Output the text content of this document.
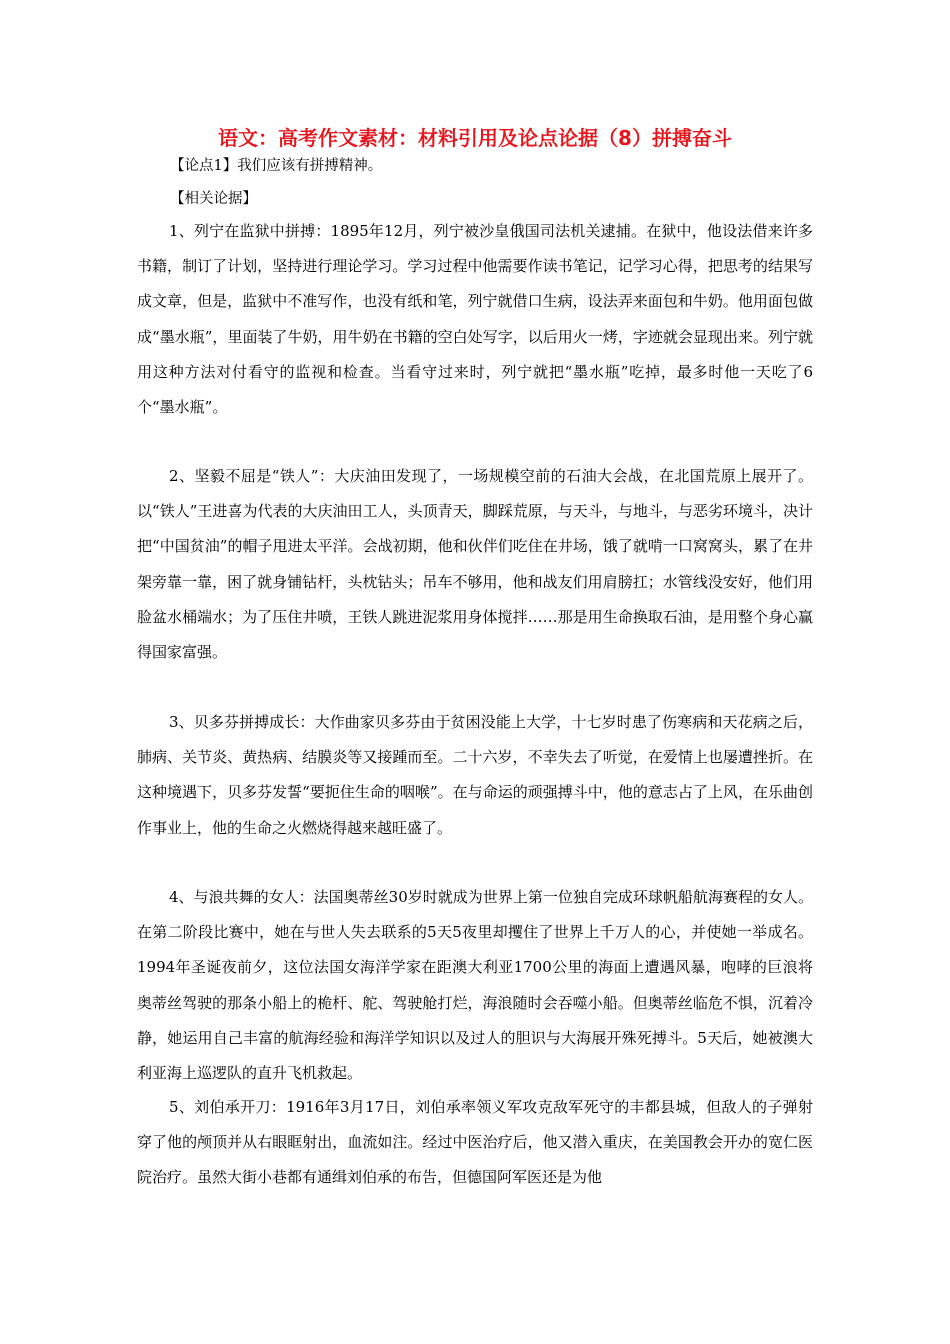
语文：高考作文素材：材料引用及论点论据（8）拼搏奋斗
【论点1】我们应该有拼搏精神。
【相关论据】

1、列宁在监狱中拼搏：1895年12月，列宁被沙皇俄国司法机关逮捕。在狱中，他设法借来许多书籍，制订了计划，坚持进行理论学习。学习过程中他需要作读书笔记，记学习心得，把思考的结果写成文章，但是，监狱中不准写作，也没有纸和笔，列宁就借口生病，设法弄来面包和牛奶。他用面包做成“墨水瓶”，里面装了牛奶，用牛奶在书籍的空白处写字，以后用火一烤，字迹就会显现出来。列宁就用这种方法对付看守的监视和检查。当看守过来时，列宁就把“墨水瓶”吃掉，最多时他一天吃了6个“墨水瓶”。

2、坚毅不屈是“铁人”：大庆油田发现了，一场规模空前的石油大会战，在北国荒原上展开了。以“铁人”王进喜为代表的大庆油田工人，头顶青天，脚踩荒原，与天斗，与地斗，与恶劣环境斗，决计把“中国贫油”的帽子甩进太平洋。会战初期，他和伙伴们吃住在井场，饿了就啃一口窝窝头，累了在井架旁靠一靠，困了就身铺钻杆，头枕钻头；吊车不够用，他和战友们用肩膀扛；水管线没安好，他们用脸盆水桶端水；为了压住井喷，王铁人跳进泥浆用身体搅拌……那是用生命换取石油，是用整个身心赢得国家富强。

3、贝多芬拼搏成长：大作曲家贝多芬由于贫困没能上大学，十七岁时患了伤寒病和天花病之后，肺病、关节炎、黄热病、结膜炎等又接踵而至。二十六岁，不幸失去了听觉，在爱情上也屡遭挫折。在这种境遇下，贝多芬发誓“要扼住生命的咽喉”。在与命运的顽强搏斗中，他的意志占了上风，在乐曲创作事业上，他的生命之火燃烧得越来越旺盛了。

4、与浪共舞的女人：法国奥蒂丝30岁时就成为世界上第一位独自完成环球帆船航海赛程的女人。在第二阶段比赛中，她在与世人失去联系的5天5夜里却攫住了世界上千万人的心，并使她一举成名。1994年圣诞夜前夕，这位法国女海洋学家在距澳大利亚1700公里的海面上遭遇风暴，咆哮的巨浪将奥蒂丝驾驶的那条小船上的桅杆、舵、驾驶舱打烂，海浪随时会吞噬小船。但奥蒂丝临危不惧，沉着冷静，她运用自己丰富的航海经验和海洋学知识以及过人的胆识与大海展开殊死搏斗。5天后，她被澳大利亚海上巡逻队的直升飞机救起。

5、刘伯承开刀：1916年3月17日，刘伯承率领义军攻克敌军死守的丰都县城，但敌人的子弹射穿了他的颅顶并从右眼眶射出，血流如注。经过中医治疗后，他又潜入重庆，在美国教会开办的宽仁医院治疗。虽然大街小巷都有通缉刘伯承的布告，但德国阿军医还是为他
